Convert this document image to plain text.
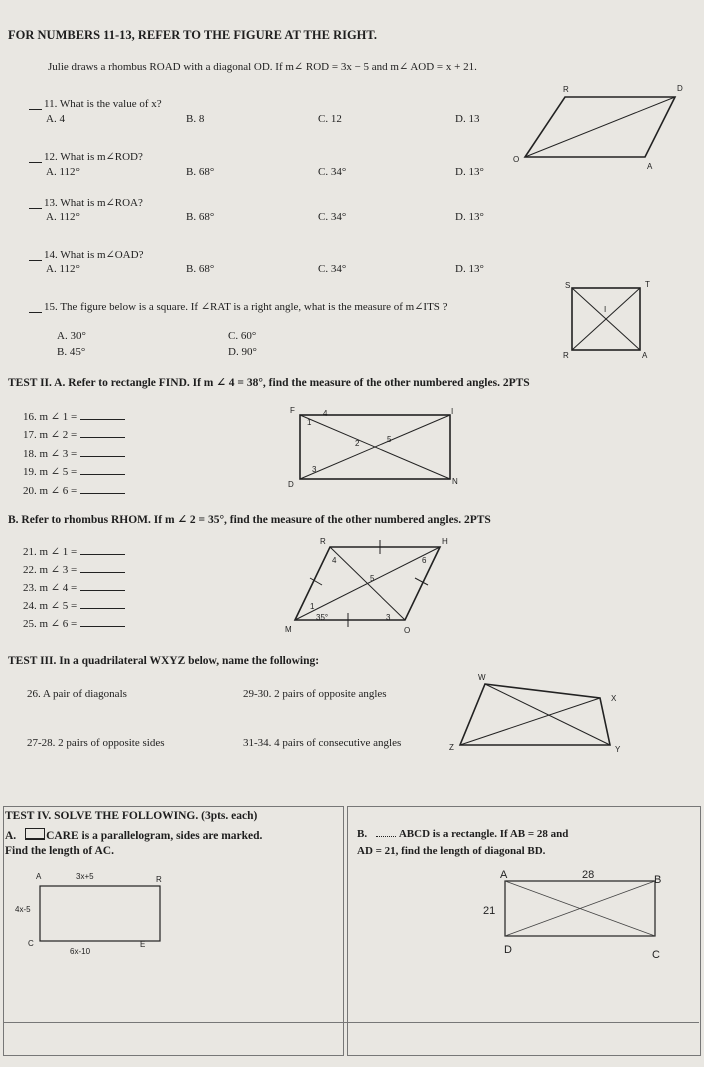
FOR NUMBERS 11-13, REFER TO THE FIGURE AT THE RIGHT.
Julie draws a rhombus ROAD with a diagonal OD. If m∠ ROD = 3x − 5 and m∠ AOD = x + 21.
11. What is the value of x?
A. 4	B. 8	C. 12	D. 13
12. What is m∠ROD?
A. 112°	B. 68°	C. 34°	D. 13°
13. What is m∠ROA?
A. 112°	B. 68°	C. 34°	D. 13°
14. What is m∠OAD?
A. 112°	B. 68°	C. 34°	D. 13°
R	D
O
A
15. The figure below is a square. If ∠RAT is a right angle, what is the measure of m∠ITS ?
A. 30°	C. 60°
B. 45°	D. 90°
S	T
I
R	A
TEST II. A. Refer to rectangle FIND. If m ∠ 4 = 38°, find the measure of the other numbered angles. 2PTS
16. m ∠ 1 =
17. m ∠ 2 =
18. m ∠ 3 =
19. m ∠ 5 =
20. m ∠ 6 =
F	I
D	N
1
4
2	5
3
B. Refer to rhombus RHOM. If m ∠ 2 = 35°, find the measure of the other numbered angles. 2PTS
21. m ∠ 1 =
22. m ∠ 3 =
23. m ∠ 4 =
24. m ∠ 5 =
25. m ∠ 6 =
R	H
M	O
4	6
5
1
3
35°
TEST III. In a quadrilateral WXYZ below, name the following:
26. A pair of diagonals	29-30. 2 pairs of opposite angles
27-28. 2 pairs of opposite sides	31-34. 4 pairs of consecutive angles
W
X
Y
Z
TEST IV. SOLVE THE FOLLOWING. (3pts. each)
A.	CARE is a parallelogram, sides are marked.
Find the length of AC.
A	R
C	E
3x+5
4x-5
6x-10
B.	ABCD is a rectangle. If AB = 28 and
AD = 21, find the length of diagonal BD.
A	B
C
D
28
21
